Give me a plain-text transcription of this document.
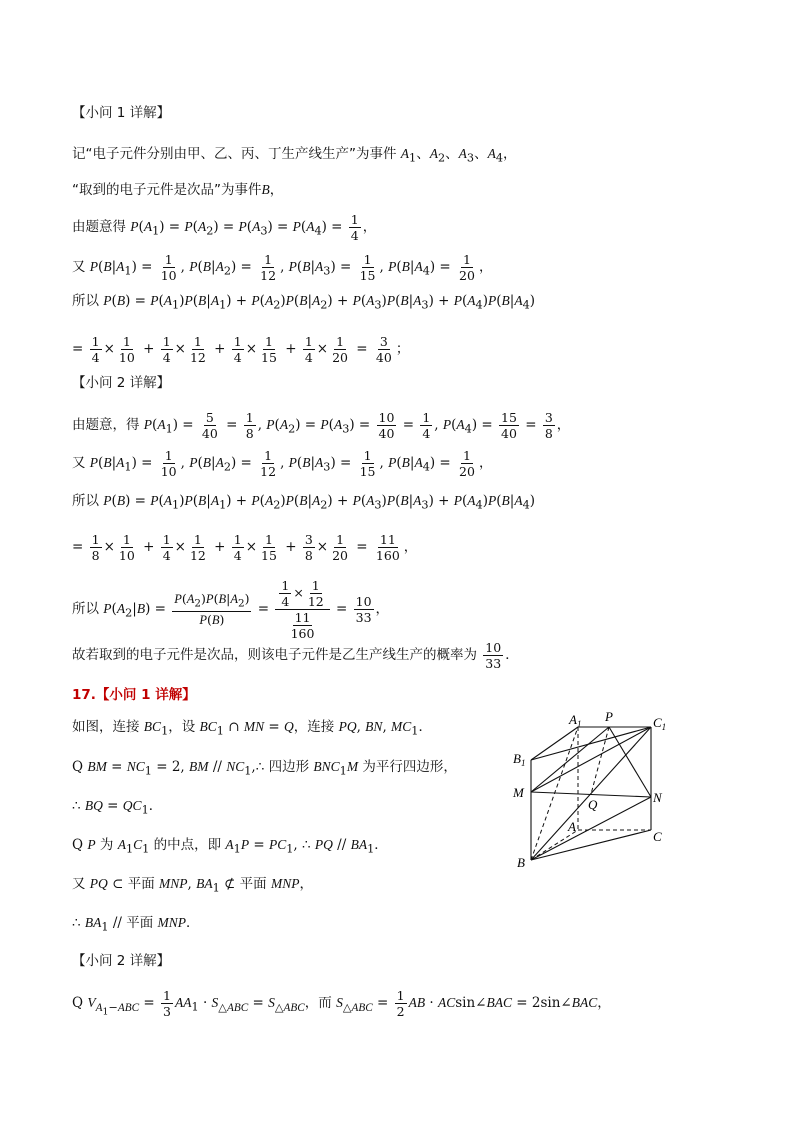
【小问 1 详解】
记“电子元件分别由甲、乙、丙、丁生产线生产”为事件 $A_1$、$A_2$、$A_3$、$A_4$，
“取到的电子元件是次品”为事件B，
由题意得 $P(A_1) = P(A_2) = P(A_3) = P(A_4) = \frac{1}{4}$ ，
又 $P(B|A_1) = \frac{1}{10}$ , $P(B|A_2) = \frac{1}{12}$ , $P(B|A_3) = \frac{1}{15}$ , $P(B|A_4) = \frac{1}{20}$ ，
所以 $P(B) = P(A_1)P(B|A_1) + P(A_2)P(B|A_2) + P(A_3)P(B|A_3) + P(A_4)P(B|A_4)$
= $\frac{1}{4} \times \frac{1}{10} + \frac{1}{4} \times \frac{1}{12} + \frac{1}{4} \times \frac{1}{15} + \frac{1}{4} \times \frac{1}{20} = \frac{3}{40}$ ；
【小问 2 详解】
由题意，得 $P(A_1) = \frac{5}{40} = \frac{1}{8}$ , $P(A_2) = P(A_3) = \frac{10}{40} = \frac{1}{4}$ , $P(A_4) = \frac{15}{40} = \frac{3}{8}$ ，
又 $P(B|A_1) = \frac{1}{10}$ , $P(B|A_2) = \frac{1}{12}$ , $P(B|A_3) = \frac{1}{15}$ , $P(B|A_4) = \frac{1}{20}$ ，
所以 $P(B) = P(A_1)P(B|A_1) + P(A_2)P(B|A_2) + P(A_3)P(B|A_3) + P(A_4)P(B|A_4)$
= $\frac{1}{8} \times \frac{1}{10} + \frac{1}{4} \times \frac{1}{12} + \frac{1}{4} \times \frac{1}{15} + \frac{3}{8} \times \frac{1}{20} = \frac{11}{160}$ ，
所以 $P(A_2|B) = \frac{P(A_2)P(B|A_2)}{P(B)} = \frac{\frac{1}{4} \times \frac{1}{12}}{\frac{11}{160}} = \frac{10}{33}$ ，
故若取到的电子元件是次品，则该电子元件是乙生产线生产的概率为 $\frac{10}{33}$ ．
17.【小问 1 详解】
如图，连接 $BC_1$，设 $BC_1$ ∩ MN = Q，连接 PQ, BN, $MC_1$．
Q BM = $NC_1 = 2$, BM // $NC_1,\therefore$ 四边形 $BNC_1M$ 为平行四边形，
∴ BQ = $QC_1$．
Q P 为 $A_1C_1$ 的中点，即 $A_1P = PC_1$, ∴ PQ // $BA_1$．
又 PQ ⊂ 平面 MNP, $BA_1$ ⊄ 平面 MNP，
∴ $BA_1$ // 平面 MNP．
【小问 2 详解】
Q $V_{A_1-ABC} = \frac{1}{3} AA_1 \cdot S_{\triangle ABC} = S_{\triangle ABC}$，而 $S_{\triangle ABC} = \frac{1}{2}$ AB · ACsin∠BAC = 2sin∠BAC，
$A_1$ P	$C_1$
$B_1$
M
Q	N
A
C
B
